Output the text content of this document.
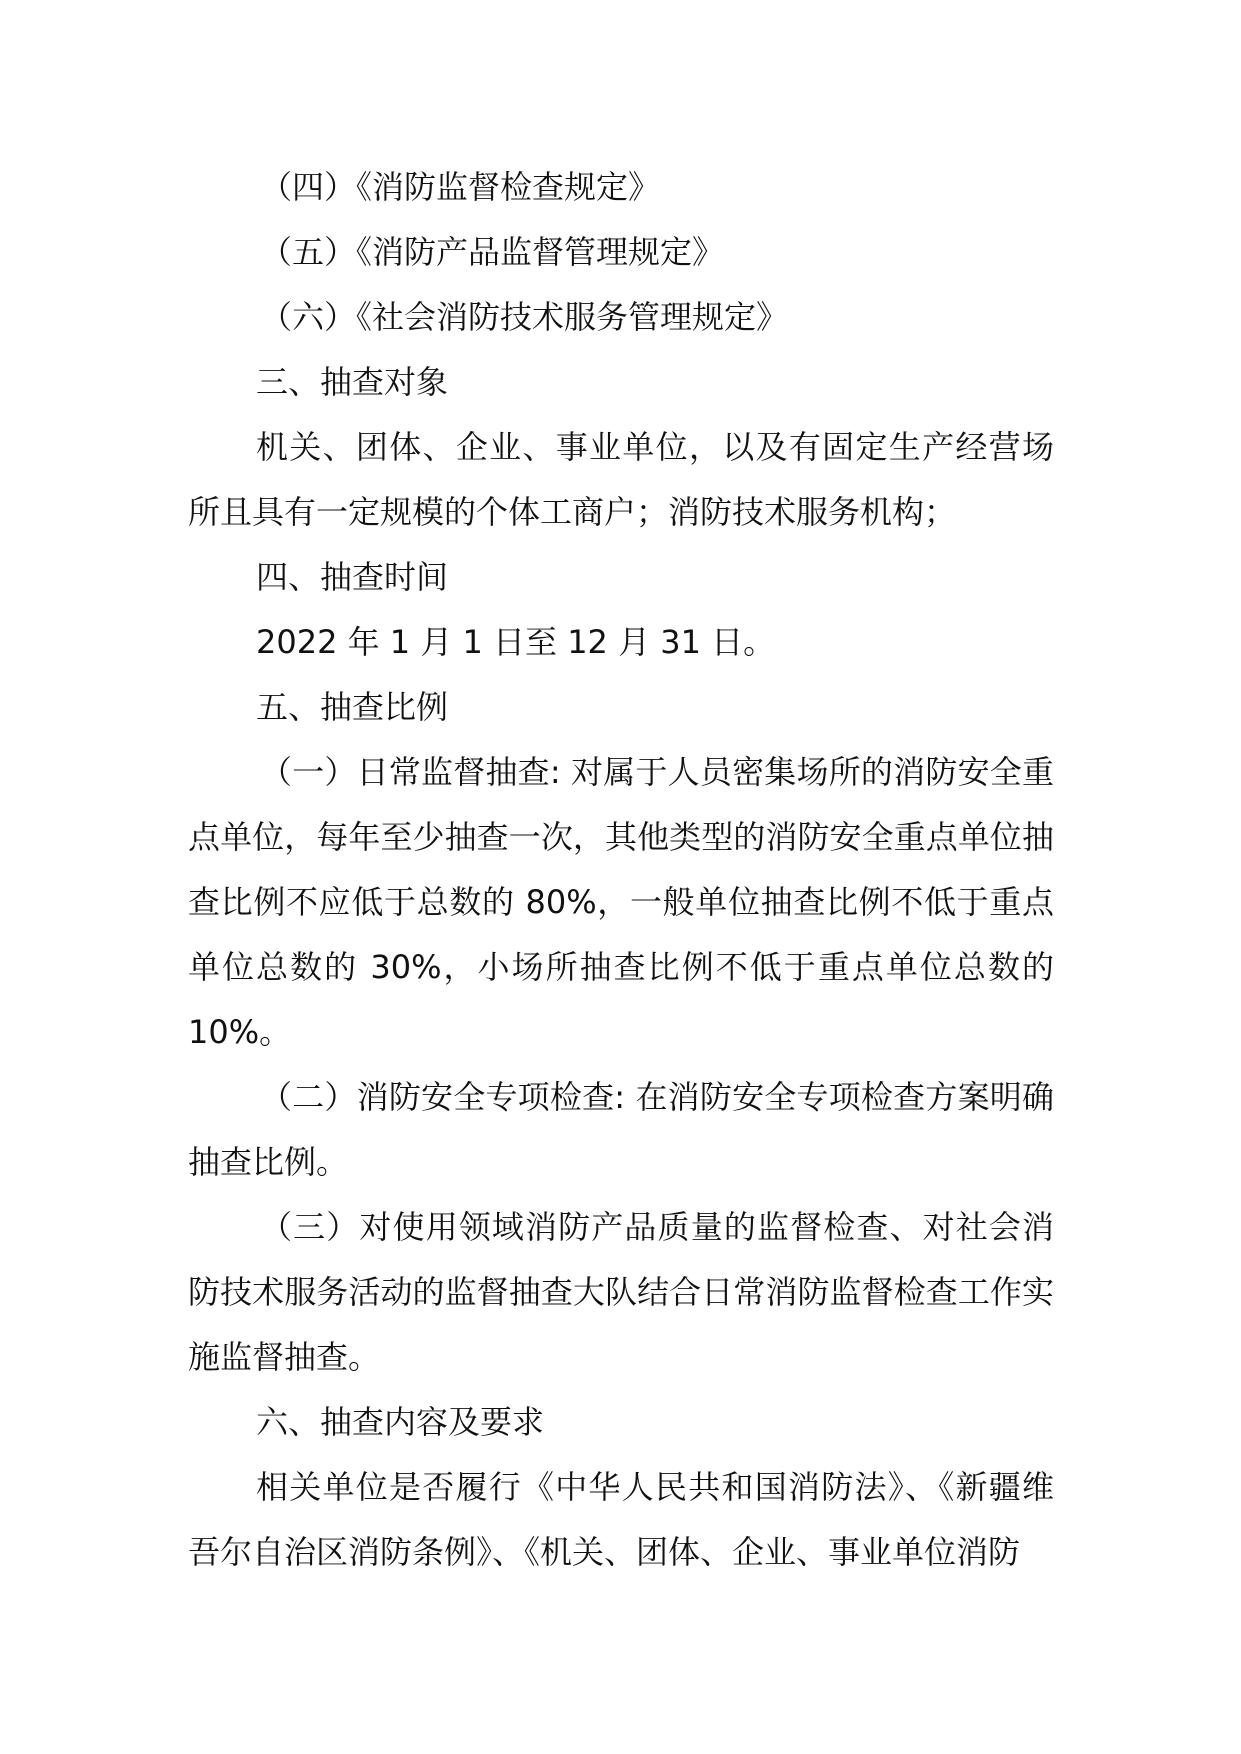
（四）《消防监督检查规定》

（五）《消防产品监督管理规定》

（六）《社会消防技术服务管理规定》

三、抽查对象

机关、团体、企业、事业单位，以及有固定生产经营场所且具有一定规模的个体工商户；消防技术服务机构；

四、抽查时间

2022 年 1 月 1 日至 12 月 31 日。

五、抽查比例

（一）日常监督抽查: 对属于人员密集场所的消防安全重点单位，每年至少抽查一次，其他类型的消防安全重点单位抽查比例不应低于总数的 80%，一般单位抽查比例不低于重点单位总数的 30%，小场所抽查比例不低于重点单位总数的 10%。

（二）消防安全专项检查: 在消防安全专项检查方案明确抽查比例。

（三）对使用领域消防产品质量的监督检查、对社会消防技术服务活动的监督抽查大队结合日常消防监督检查工作实施监督抽查。

六、抽查内容及要求

相关单位是否履行《中华人民共和国消防法》、《新疆维吾尔自治区消防条例》、《机关、团体、企业、事业单位消防
